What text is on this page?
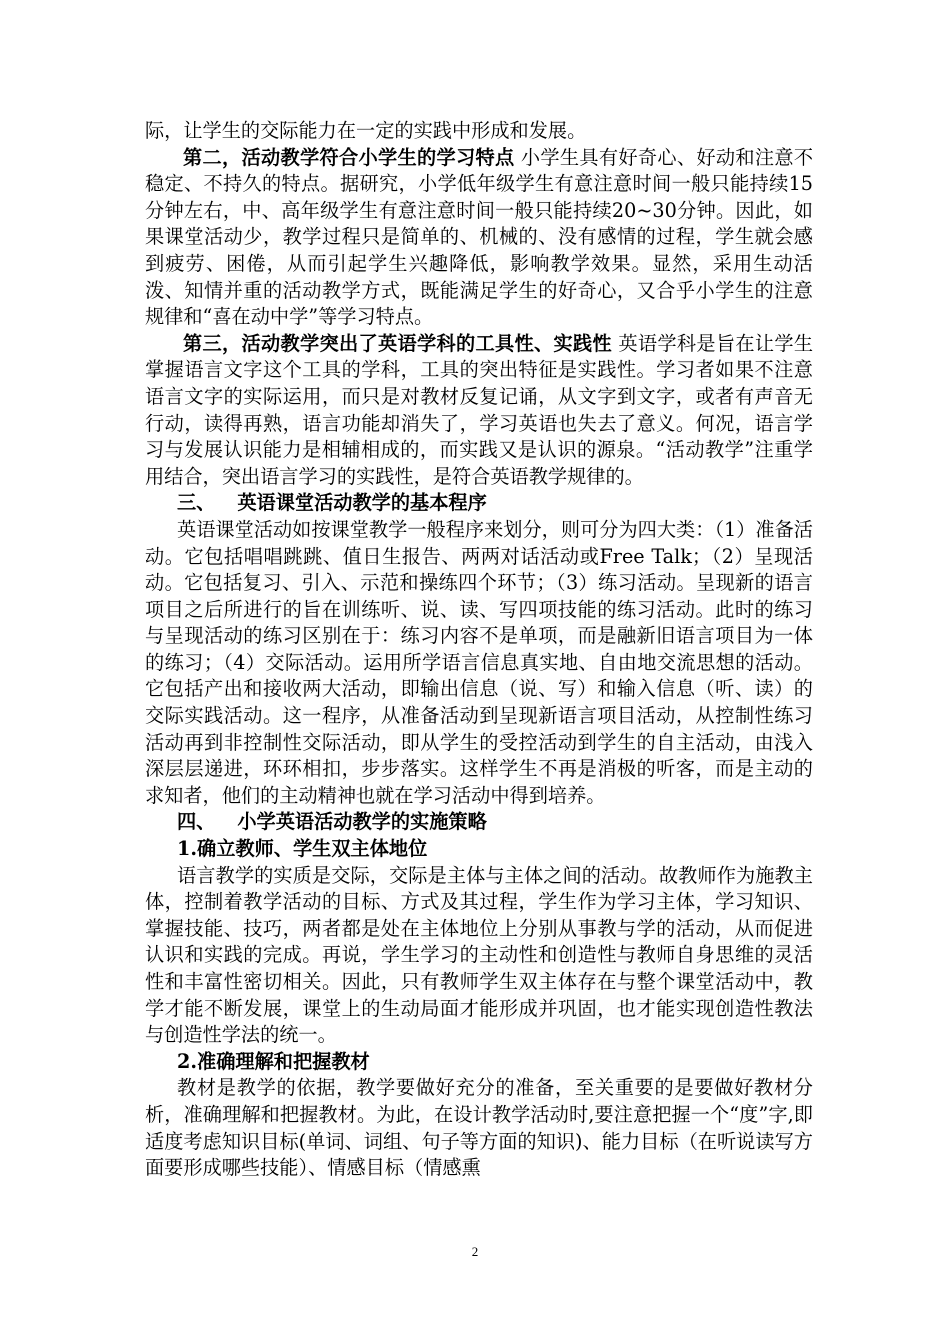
际，让学生的交际能力在一定的实践中形成和发展。

第二，活动教学符合小学生的学习特点 小学生具有好奇心、好动和注意不稳定、不持久的特点。据研究，小学低年级学生有意注意时间一般只能持续15分钟左右，中、高年级学生有意注意时间一般只能持续20~30分钟。因此，如果课堂活动少，教学过程只是简单的、机械的、没有感情的过程，学生就会感到疲劳、困倦，从而引起学生兴趣降低，影响教学效果。显然，采用生动活泼、知情并重的活动教学方式，既能满足学生的好奇心，又合乎小学生的注意规律和“喜在动中学”等学习特点。

第三，活动教学突出了英语学科的工具性、实践性 英语学科是旨在让学生掌握语言文字这个工具的学科，工具的突出特征是实践性。学习者如果不注意语言文字的实际运用，而只是对教材反复记诵，从文字到文字，或者有声音无行动，读得再熟，语言功能却消失了，学习英语也失去了意义。何况，语言学习与发展认识能力是相辅相成的，而实践又是认识的源泉。“活动教学”注重学用结合，突出语言学习的实践性，是符合英语教学规律的。

三、 英语课堂活动教学的基本程序

英语课堂活动如按课堂教学一般程序来划分，则可分为四大类：（1）准备活动。它包括唱唱跳跳、值日生报告、两两对话活动或Free Talk；（2）呈现活动。它包括复习、引入、示范和操练四个环节；（3）练习活动。呈现新的语言项目之后所进行的旨在训练听、说、读、写四项技能的练习活动。此时的练习与呈现活动的练习区别在于：练习内容不是单项，而是融新旧语言项目为一体的练习；（4）交际活动。运用所学语言信息真实地、自由地交流思想的活动。它包括产出和接收两大活动，即输出信息（说、写）和输入信息（听、读）的交际实践活动。这一程序，从准备活动到呈现新语言项目活动，从控制性练习活动再到非控制性交际活动，即从学生的受控活动到学生的自主活动，由浅入深层层递进，环环相扣，步步落实。这样学生不再是消极的听客，而是主动的求知者，他们的主动精神也就在学习活动中得到培养。

四、 小学英语活动教学的实施策略

1.确立教师、学生双主体地位

语言教学的实质是交际，交际是主体与主体之间的活动。故教师作为施教主体，控制着教学活动的目标、方式及其过程，学生作为学习主体，学习知识、掌握技能、技巧，两者都是处在主体地位上分别从事教与学的活动，从而促进认识和实践的完成。再说，学生学习的主动性和创造性与教师自身思维的灵活性和丰富性密切相关。因此，只有教师学生双主体存在与整个课堂活动中，教学才能不断发展，课堂上的生动局面才能形成并巩固，也才能实现创造性教法与创造性学法的统一。

2.准确理解和把握教材

教材是教学的依据，教学要做好充分的准备，至关重要的是要做好教材分析，准确理解和把握教材。为此，在设计教学活动时,要注意把握一个“度”字,即适度考虑知识目标(单词、词组、句子等方面的知识)、能力目标（在听说读写方面要形成哪些技能）、情感目标（情感熏

2
